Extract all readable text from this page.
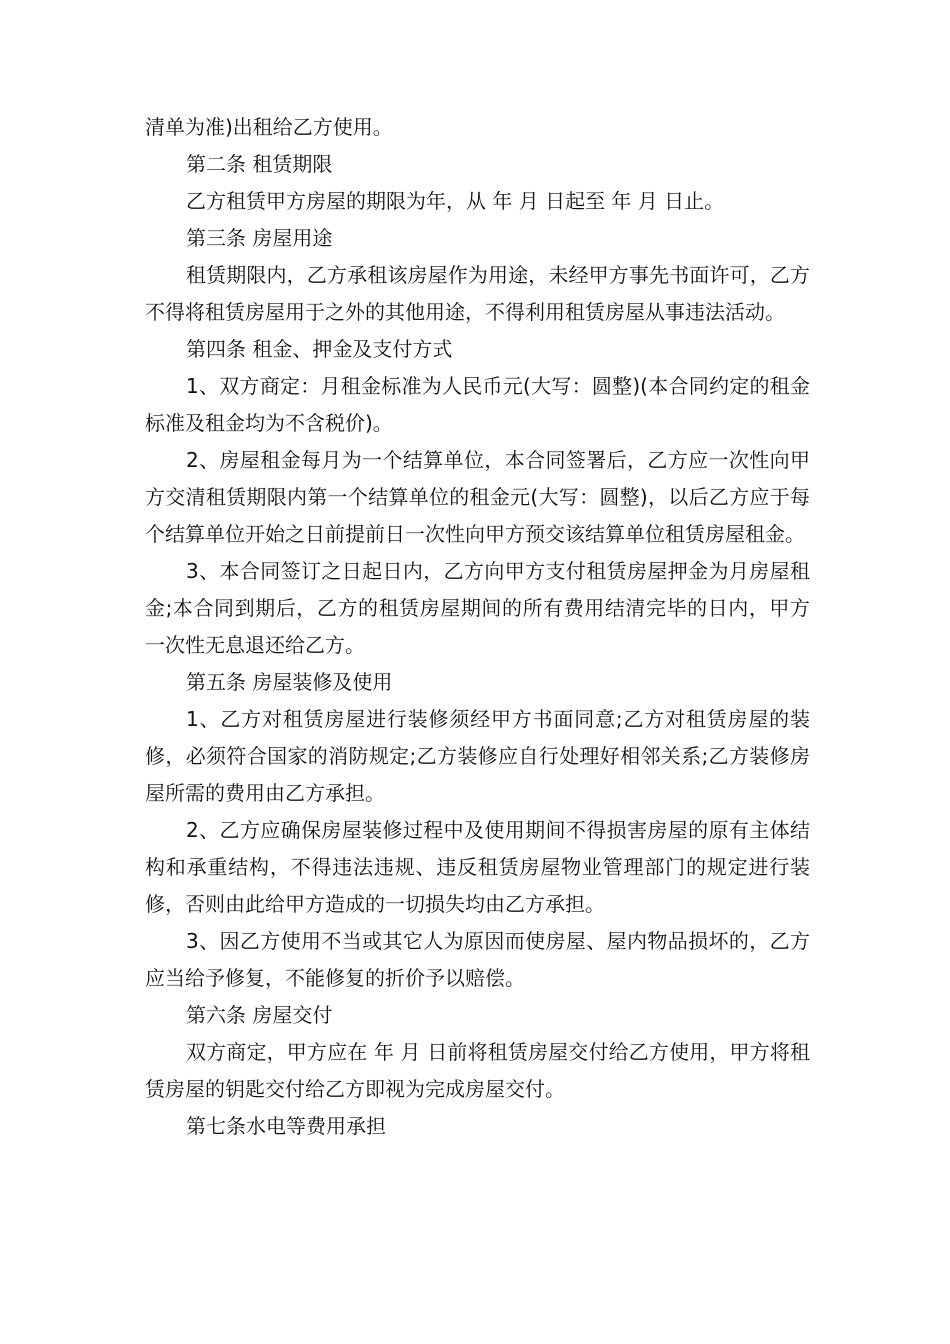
清单为准)出租给乙方使用。

第二条 租赁期限

乙方租赁甲方房屋的期限为年，从 年 月 日起至 年 月 日止。

第三条 房屋用途

租赁期限内，乙方承租该房屋作为用途，未经甲方事先书面许可，乙方不得将租赁房屋用于之外的其他用途，不得利用租赁房屋从事违法活动。

第四条 租金、押金及支付方式

1、双方商定：月租金标准为人民币元(大写：圆整)(本合同约定的租金标准及租金均为不含税价)。

2、房屋租金每月为一个结算单位，本合同签署后，乙方应一次性向甲方交清租赁期限内第一个结算单位的租金元(大写：圆整)，以后乙方应于每个结算单位开始之日前提前日一次性向甲方预交该结算单位租赁房屋租金。

3、本合同签订之日起日内，乙方向甲方支付租赁房屋押金为月房屋租金;本合同到期后，乙方的租赁房屋期间的所有费用结清完毕的日内，甲方一次性无息退还给乙方。

第五条 房屋装修及使用

1、乙方对租赁房屋进行装修须经甲方书面同意;乙方对租赁房屋的装修，必须符合国家的消防规定;乙方装修应自行处理好相邻关系;乙方装修房屋所需的费用由乙方承担。

2、乙方应确保房屋装修过程中及使用期间不得损害房屋的原有主体结构和承重结构，不得违法违规、违反租赁房屋物业管理部门的规定进行装修，否则由此给甲方造成的一切损失均由乙方承担。

3、因乙方使用不当或其它人为原因而使房屋、屋内物品损坏的，乙方应当给予修复，不能修复的折价予以赔偿。

第六条 房屋交付

双方商定，甲方应在 年 月 日前将租赁房屋交付给乙方使用，甲方将租赁房屋的钥匙交付给乙方即视为完成房屋交付。

第七条水电等费用承担
